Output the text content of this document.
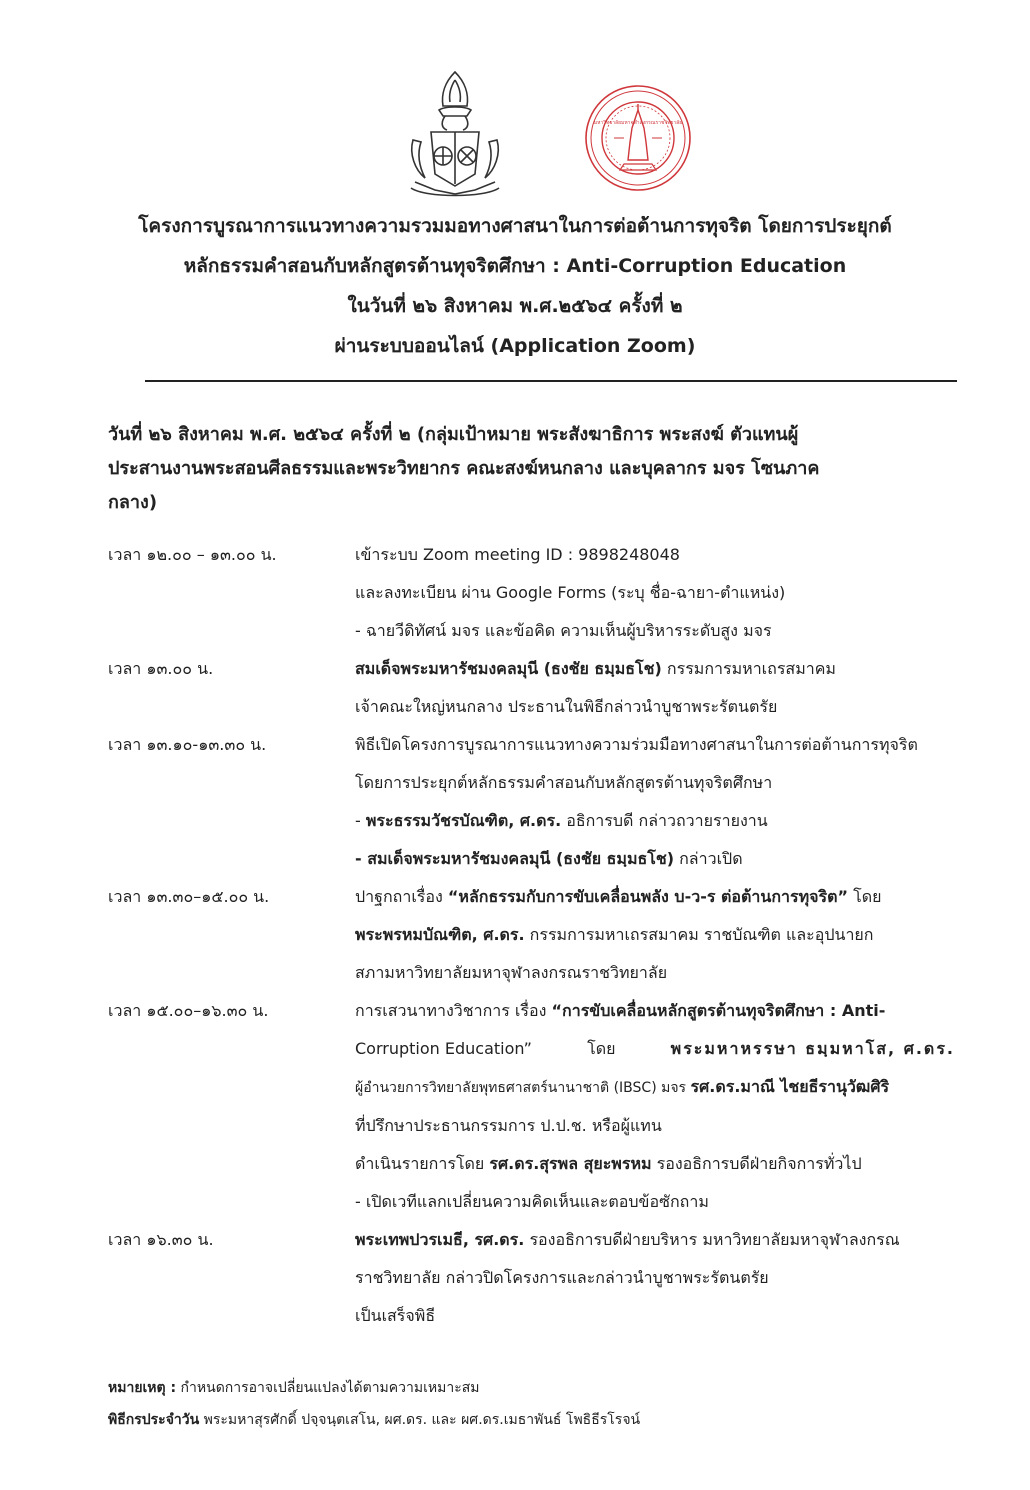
มหาวิทยาลัยมหาจุฬาลงกรณราชวิทยาลัย
โครงการบูรณาการแนวทางความรวมมอทางศาสนาในการต่อต้านการทุจริต โดยการประยุกต์
หลักธรรมคำสอนกับหลักสูตรต้านทุจริตศึกษา : Anti-Corruption Education
ในวันที่ ๒๖ สิงหาคม พ.ศ.๒๕๖๔ ครั้งที่ ๒
ผ่านระบบออนไลน์ (Application Zoom)
วันที่ ๒๖ สิงหาคม พ.ศ. ๒๕๖๔ ครั้งที่ ๒ (กลุ่มเป้าหมาย พระสังฆาธิการ พระสงฆ์ ตัวแทนผู้
ประสานงานพระสอนศีลธรรมและพระวิทยากร คณะสงฆ์หนกลาง และบุคลากร มจร โซนภาค
กลาง)
เวลา ๑๒.๐๐ – ๑๓.๐๐ น.	เข้าระบบ Zoom meeting ID : 9898248048
และลงทะเบียน ผ่าน Google Forms (ระบุ ชื่อ-ฉายา-ตำแหน่ง)
- ฉายวีดิทัศน์ มจร และข้อคิด ความเห็นผู้บริหารระดับสูง มจร
เวลา ๑๓.๐๐ น.	สมเด็จพระมหารัชมงคลมุนี (ธงชัย ธมฺมธโช) กรรมการมหาเถรสมาคม
เจ้าคณะใหญ่หนกลาง ประธานในพิธีกล่าวนำบูชาพระรัตนตรัย
เวลา ๑๓.๑๐-๑๓.๓๐ น.	พิธีเปิดโครงการบูรณาการแนวทางความร่วมมือทางศาสนาในการต่อต้านการทุจริต
โดยการประยุกต์หลักธรรมคำสอนกับหลักสูตรต้านทุจริตศึกษา
- พระธรรมวัชรบัณฑิต, ศ.ดร. อธิการบดี กล่าวถวายรายงาน
- สมเด็จพระมหารัชมงคลมุนี (ธงชัย ธมฺมธโช) กล่าวเปิด
เวลา ๑๓.๓๐–๑๕.๐๐ น.	ปาฐกถาเรื่อง “หลักธรรมกับการขับเคลื่อนพลัง บ-ว-ร ต่อต้านการทุจริต” โดย
พระพรหมบัณฑิต, ศ.ดร. กรรมการมหาเถรสมาคม ราชบัณฑิต และอุปนายก
สภามหาวิทยาลัยมหาจุฬาลงกรณราชวิทยาลัย
เวลา ๑๕.๐๐–๑๖.๓๐ น.	การเสวนาทางวิชาการ เรื่อง “การขับเคลื่อนหลักสูตรต้านทุจริตศึกษา : Anti-
Corruption Education”	โดย	พระมหาหรรษา ธมฺมหาโส, ศ.ดร.
ผู้อำนวยการวิทยาลัยพุทธศาสตร์นานาชาติ (IBSC) มจร รศ.ดร.มาณี ไชยธีรานุวัฒศิริ
ที่ปรึกษาประธานกรรมการ ป.ป.ช. หรือผู้แทน
ดำเนินรายการโดย รศ.ดร.สุรพล สุยะพรหม รองอธิการบดีฝ่ายกิจการทั่วไป
- เปิดเวทีแลกเปลี่ยนความคิดเห็นและตอบข้อซักถาม
เวลา ๑๖.๓๐ น.	พระเทพปวรเมธี, รศ.ดร. รองอธิการบดีฝ่ายบริหาร มหาวิทยาลัยมหาจุฬาลงกรณ
ราชวิทยาลัย กล่าวปิดโครงการและกล่าวนำบูชาพระรัตนตรัย
เป็นเสร็จพิธี
หมายเหตุ : กำหนดการอาจเปลี่ยนแปลงได้ตามความเหมาะสม
พิธีกรประจำวัน พระมหาสุรศักดิ์ ปจฺจนฺตเสโน, ผศ.ดร. และ ผศ.ดร.เมธาพันธ์ โพธิธีรโรจน์
